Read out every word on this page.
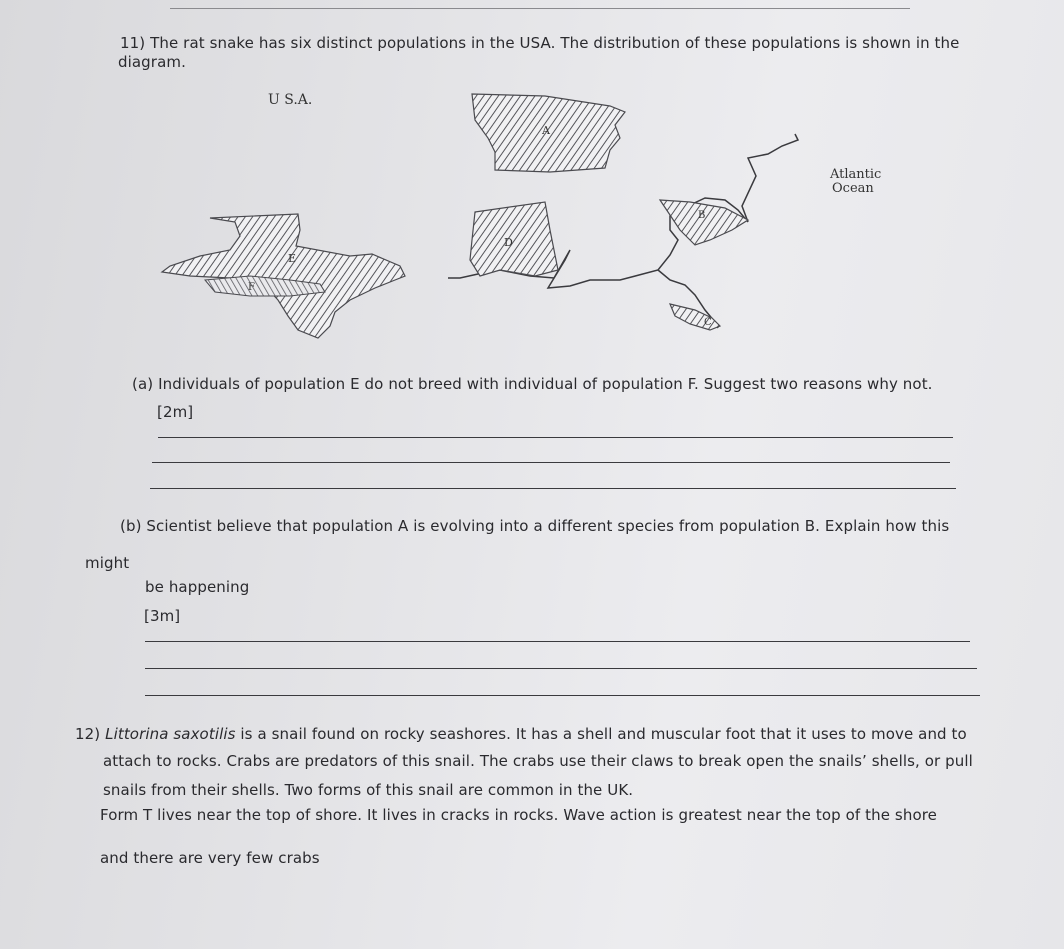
11) The rat snake has six distinct populations in the USA. The distribution of these populations is shown in the
diagram.
U S.A.
A
B
C
D
E
F
Atlantic
Ocean
(a) Individuals of population E do not breed with individual of population F. Suggest two reasons why not.
[2m]
(b) Scientist believe that population A is evolving into a different species from population B. Explain how this
might
be happening
[3m]
12) Littorina saxotilis is a snail found on rocky seashores. It has a shell and muscular foot that it uses to move and to
attach to rocks. Crabs are predators of this snail. The crabs use their claws to break open the snails’ shells, or pull
snails from their shells. Two forms of this snail are common in the UK.
Form T lives near the top of shore. It lives in cracks in rocks. Wave action is greatest near the top of the shore
and there are very few crabs
